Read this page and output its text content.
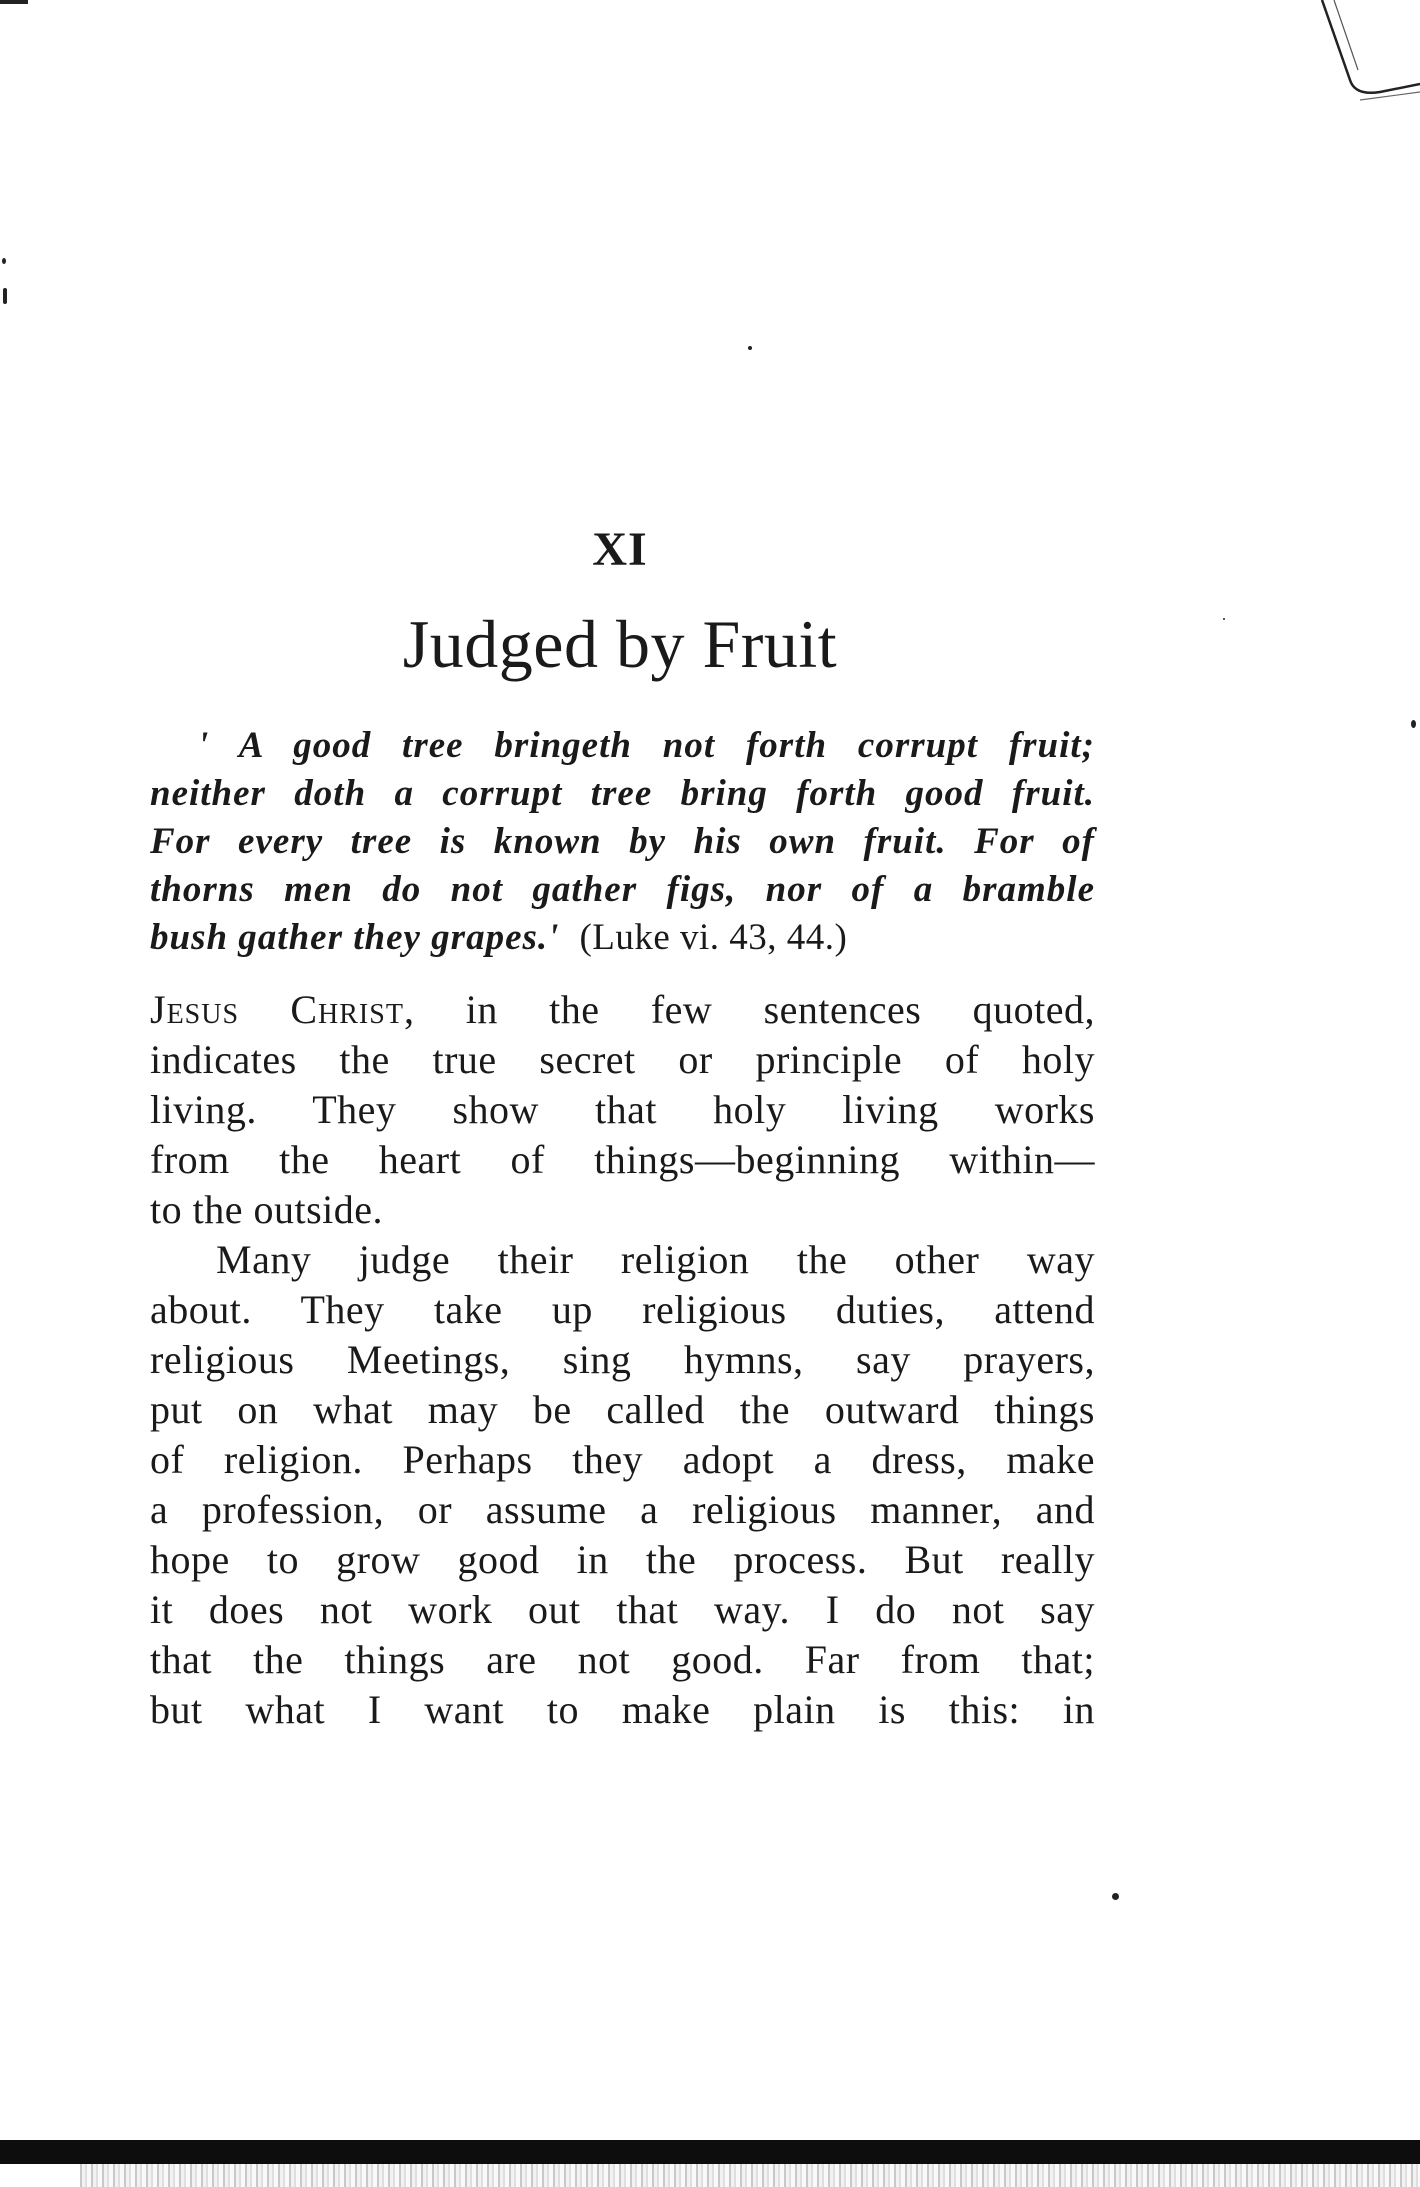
XI
Judged by Fruit
' A good tree bringeth not forth corrupt fruit;
neither doth a corrupt tree bring forth good fruit.
For every tree is known by his own fruit. For of
thorns men do not gather figs, nor of a bramble
bush gather they grapes.' (Luke vi. 43, 44.)
Jesus Christ, in the few sentences quoted,
indicates the true secret or principle of holy
living. They show that holy living works
from the heart of things—beginning within—
to the outside.
Many judge their religion the other way
about. They take up religious duties, attend
religious Meetings, sing hymns, say prayers,
put on what may be called the outward things
of religion. Perhaps they adopt a dress, make
a profession, or assume a religious manner, and
hope to grow good in the process. But really
it does not work out that way. I do not say
that the things are not good. Far from that;
but what I want to make plain is this: in
